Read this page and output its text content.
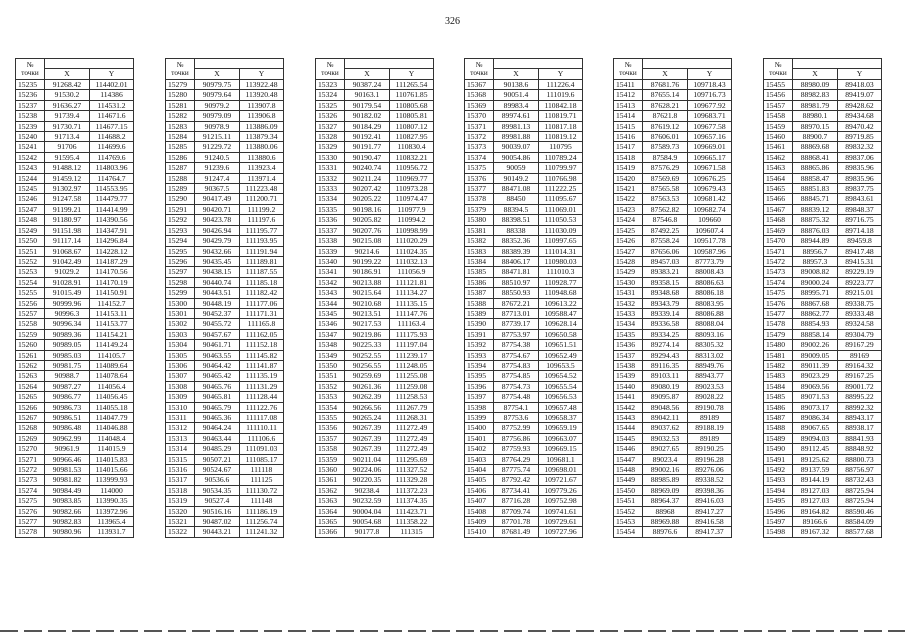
326
№
точки		

	X	Y
15235	91268.42	114402.01
15236	91530.2	114386
15237	91636.27	114531.2
15238	91739.4	114671.6
15239	91730.71	114677.15
15240	91713.4	114688.2
15241	91706	114699.6
15242	91595.4	114769.6
15243	91488.12	114803.96
15244	91459.12	114764.7
15245	91302.97	114553.95
15246	91247.58	114479.77
15247	91199.21	114414.99
15248	91180.97	114390.56
15249	91151.98	114347.91
15250	91117.14	114296.84
15251	91068.67	114228.12
15252	91042.49	114187.29
15253	91029.2	114170.56
15254	91028.91	114170.19
15255	91015.49	114150.91
15256	90999.96	114152.7
15257	90996.3	114153.11
15258	90996.34	114153.77
15259	90989.36	114154.21
15260	90989.05	114149.24
15261	90985.03	114105.7
15262	90981.75	114089.64
15263	90988.7	114078.64
15264	90987.27	114056.4
15265	90986.77	114056.45
15266	90986.73	114055.18
15267	90986.51	114047.79
15268	90986.48	114046.88
15269	90962.99	114048.4
15270	90961.9	114015.9
15271	90966.46	114015.83
15272	90981.53	114015.66
15273	90981.82	113999.93
15274	90984.49	114000
15275	90983.85	113990.35
15276	90982.66	113972.96
15277	90982.83	113965.4
15278	90980.96	113931.7
№
точки		

	X	Y
15279	90979.75	113922.48
15280	90979.64	113920.48
15281	90979.2	113907.8
15282	90979.09	113906.8
15283	90978.9	113886.09
15284	91215.11	113879.34
15285	91229.72	113880.06
15286	91240.5	113880.6
15287	91239.6	113923.4
15288	91247.4	113971.4
15289	90367.5	111223.48
15290	90417.49	111200.71
15291	90420.71	111199.2
15292	90423.78	111197.6
15293	90426.94	111195.77
15294	90429.79	111193.95
15295	90432.66	111191.94
15296	90435.45	111189.81
15297	90438.15	111187.55
15298	90440.74	111185.18
15299	90443.51	111182.42
15300	90448.19	111177.06
15301	90452.37	111171.31
15302	90455.72	111165.8
15303	90457.67	111162.05
15304	90461.71	111152.18
15305	90463.55	111145.82
15306	90464.42	111141.87
15307	90465.42	111135.19
15308	90465.76	111131.29
15309	90465.81	111128.44
15310	90465.79	111122.76
15311	90465.36	111117.08
15312	90464.24	111110.11
15313	90463.44	111106.6
15314	90485.29	111091.03
15315	90507.21	111085.17
15316	90524.67	111118
15317	90536.6	111125
15318	90534.35	111130.72
15319	90527.4	111148
15320	90516.16	111186.19
15321	90487.02	111256.74
15322	90443.21	111241.32
№
точки		

	X	Y
15323	90387.24	111265.54
15324	90163.1	110761.85
15325	90179.54	110805.68
15326	90182.02	110805.81
15327	90184.29	110807.12
15328	90192.41	110827.95
15329	90191.77	110830.4
15330	90190.47	110832.21
15331	90240.74	110956.72
15332	90211.24	110969.77
15333	90207.42	110973.28
15334	90205.22	110974.47
15335	90198.16	110977.9
15336	90205.82	110994.2
15337	90207.76	110998.99
15338	90215.08	111020.29
15339	90214.6	111024.35
15340	90199.22	111032.13
15341	90186.91	111056.9
15342	90213.88	111121.81
15343	90215.64	111134.27
15344	90210.68	111135.15
15345	90213.51	111147.76
15346	90217.53	111163.4
15347	90219.86	111175.93
15348	90225.33	111197.04
15349	90252.55	111239.17
15350	90256.55	111248.05
15351	90259.69	111255.08
15352	90261.36	111259.08
15353	90262.39	111258.53
15354	90266.56	111267.79
15355	90265.24	111268.31
15356	90267.39	111272.49
15357	90267.39	111272.49
15358	90267.39	111272.49
15359	90211.04	111295.69
15360	90224.06	111327.52
15361	90220.35	111329.28
15362	90238.4	111372.23
15363	90232.59	111374.35
15364	90004.04	111423.71
15365	90054.68	111358.22
15366	90177.8	111315
№
точки		

	X	Y
15367	90138.6	111226.4
15368	90051.4	111019.6
15369	89983.4	110842.18
15370	89974.61	110819.71
15371	89981.13	110817.18
15372	89981.88	110819.12
15373	90039.07	110795
15374	90054.86	110789.24
15375	90059	110799.97
15376	90149.2	110766.98
15377	88471.08	111222.25
15378	88450	111095.67
15379	88394.5	111069.01
15380	88398.51	111050.53
15381	88338	111030.09
15382	88352.36	110997.65
15383	88389.39	111014.31
15384	88406.17	110980.03
15385	88471.81	111010.3
15386	88510.97	110928.77
15387	88550.93	110948.68
15388	87672.21	109613.22
15389	87713.01	109588.47
15390	87739.17	109628.14
15391	87753.97	109650.58
15392	87754.38	109651.51
15393	87754.67	109652.49
15394	87754.83	109653.5
15395	87754.85	109654.52
15396	87754.73	109655.54
15397	87754.48	109656.53
15398	87754.1	109657.48
15399	87753.6	109658.37
15400	87752.99	109659.19
15401	87756.86	109663.07
15402	87759.93	109669.15
15403	87764.29	109681.1
15404	87775.74	109698.01
15405	87792.42	109721.67
15406	87734.41	109779.26
15407	87716.28	109752.98
15408	87709.74	109741.61
15409	87701.78	109729.61
15410	87681.49	109727.96
№
точки		

	X	Y
15411	87681.76	109718.43
15412	87655.14	109716.73
15413	87628.21	109677.92
15414	87621.8	109683.71
15415	87619.12	109677.58
15416	87606.01	109657.16
15417	87589.73	109669.01
15418	87584.9	109665.17
15419	87576.29	109671.58
15420	87569.69	109676.25
15421	87565.58	109679.43
15422	87563.53	109681.42
15423	87562.82	109682.74
15424	87546.8	109660
15425	87492.25	109607.4
15426	87558.24	109517.78
15427	87656.06	109587.96
15428	89457.03	87773.79
15429	89383.21	88008.43
15430	89358.15	88086.63
15431	89348.68	88086.18
15432	89343.79	88083.95
15433	89339.14	88086.88
15434	89336.58	88088.04
15435	89334.25	88093.16
15436	89274.14	88305.32
15437	89294.43	88313.02
15438	89116.35	88949.76
15439	89103.11	88943.77
15440	89080.19	89023.53
15441	89095.87	89028.22
15442	89048.56	89190.78
15443	89042.11	89189
15444	89037.62	89188.19
15445	89032.53	89189
15446	89027.65	89190.25
15447	89023.4	89196.28
15448	89002.16	89276.06
15449	88985.89	89338.52
15450	88969.09	89398.36
15451	88964.37	89416.03
15452	88968	89417.27
15453	88969.88	89416.58
15454	88976.6	89417.37
№
точки		

	X	Y
15455	88980.09	89418.03
15456	88982.83	89419.07
15457	88981.79	89428.62
15458	88980.1	89434.68
15459	88970.15	89470.42
15460	88900.7	89719.85
15461	88869.68	89832.32
15462	88868.41	89837.06
15463	88865.86	89835.96
15464	88858.47	89835.96
15465	88851.83	89837.75
15466	88845.71	89843.61
15467	88839.12	89848.37
15468	88875.32	89716.75
15469	88876.03	89714.18
15470	88944.89	89459.8
15471	88956.7	89417.48
15472	88957.3	89415.31
15473	89008.82	89229.19
15474	89000.24	89223.77
15475	88995.71	89215.01
15476	88867.68	89338.75
15477	88862.77	89333.48
15478	88854.93	89324.58
15479	88858.14	89304.79
15480	89002.26	89167.29
15481	89009.05	89169
15482	89011.39	89164.32
15483	89023.29	89167.25
15484	89069.56	89001.72
15485	89071.53	88995.22
15486	89073.17	88992.32
15487	89086.34	88943.17
15488	89067.65	88938.17
15489	89094.03	88841.93
15490	89112.45	88848.92
15491	89125.62	88800.73
15492	89137.59	88756.97
15493	89144.19	88732.43
15494	89127.03	88725.94
15495	89127.03	88725.94
15496	89164.82	88590.46
15497	89166.6	88584.09
15498	89167.32	88577.68
